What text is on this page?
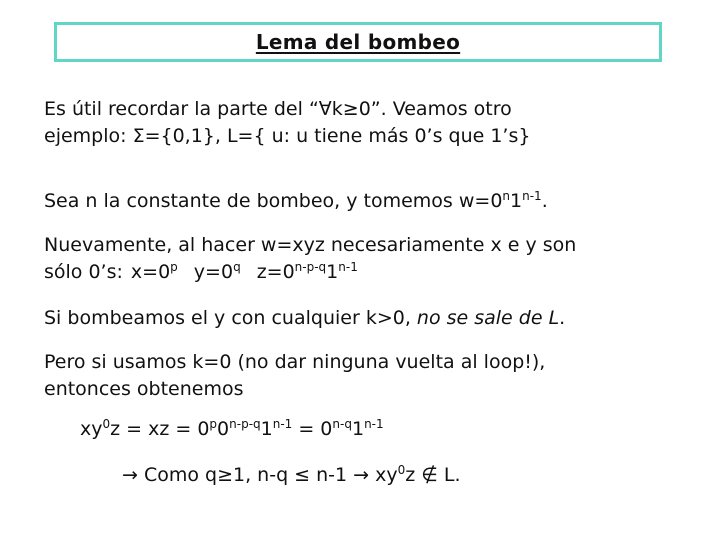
Lema del bombeo
Es útil recordar la parte del “∀k≥0”. Veamos otro
ejemplo: Σ={0,1}, L={ u: u tiene más 0’s que 1’s}
Sea n la constante de bombeo, y tomemos $w=0^n1^{n-1}$.
Nuevamente, al hacer w=xyz necesariamente x e y son
sólo 0’s: $x=0^p$ $y=0^q$ $z=0^{n-p-q}1^{n-1}$
Si bombeamos el y con cualquier k>0, no se sale de L.
Pero si usamos k=0 (no dar ninguna vuelta al loop!),
entonces obtenemos
$xy^0z$ = xz = $0^p0^{n-p-q}1^{n-1} = 0^{n-q}1^{n-1}$
→ Como q≥1, $n-q \le n-1 \to xy^0z$ ∉ L.
